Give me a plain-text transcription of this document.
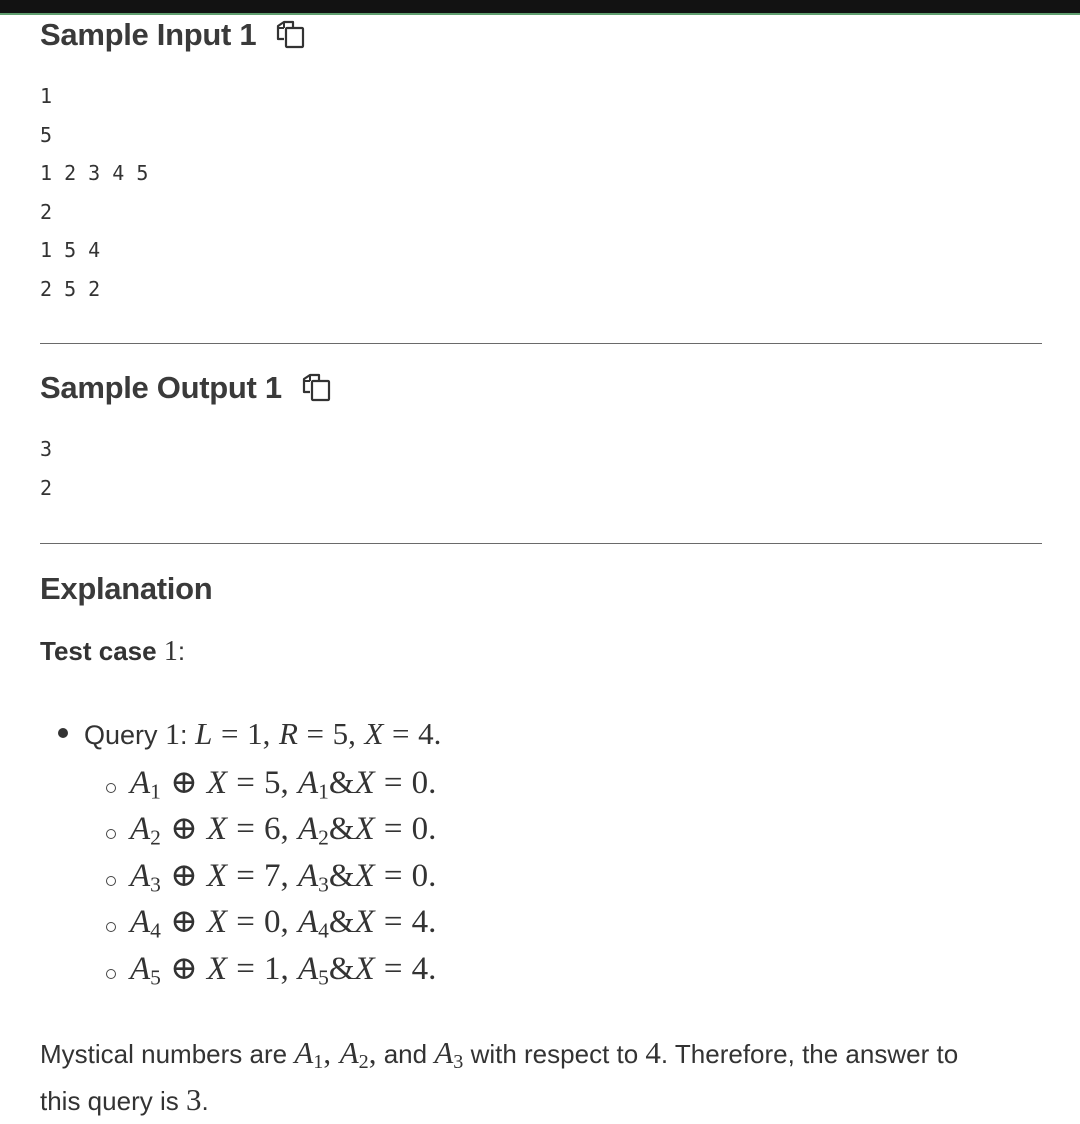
Sample Input 1
1
5
1 2 3 4 5
2
1 5 4
2 5 2
Sample Output 1
3
2
Explanation
Test case 1:
Query 1: L = 1, R = 5, X = 4.
$A_1$ ⊕ X = 5, $A_1\&X = 0$.
$A_2$ ⊕ X = 6, $A_2\&X = 0$.
$A_3$ ⊕ X = 7, $A_3\&X = 0$.
$A_4$ ⊕ X = 0, $A_4\&X = 4$.
$A_5$ ⊕ X = 1, $A_5\&X = 4$.
Mystical numbers are $A_1$, $A_2$, and $A_3$ with respect to 4. Therefore, the answer to
this query is 3.
